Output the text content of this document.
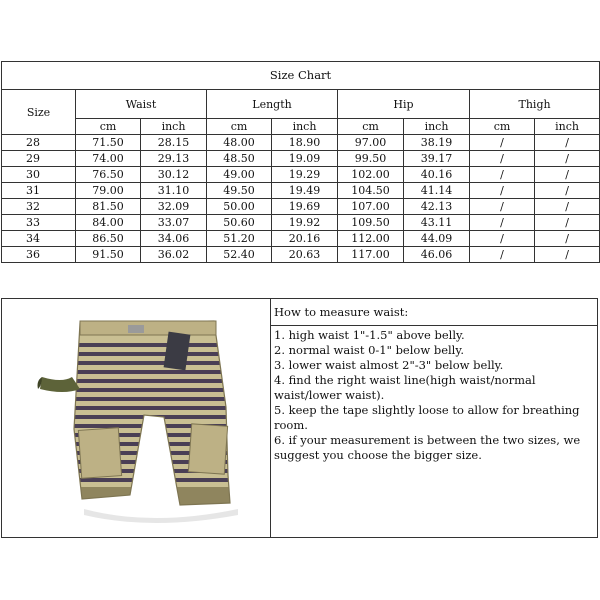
Size Chart								
Size	Waist		Length		Hip		Thigh	
	cm	inch	cm	inch	cm	inch	cm	inch
28	71.50	28.15	48.00	18.90	97.00	38.19	/	/
29	74.00	29.13	48.50	19.09	99.50	39.17	/	/
30	76.50	30.12	49.00	19.29	102.00	40.16	/	/
31	79.00	31.10	49.50	19.49	104.50	41.14	/	/
32	81.50	32.09	50.00	19.69	107.00	42.13	/	/
33	84.00	33.07	50.60	19.92	109.50	43.11	/	/
34	86.50	34.06	51.20	20.16	112.00	44.09	/	/
36	91.50	36.02	52.40	20.63	117.00	46.06	/	/
How to measure waist:
1. high waist 1"-1.5" above belly.
2. normal waist 0-1" below belly.
3. lower waist almost 2"-3" below belly.
4. find the right waist line(high waist/normal waist/lower waist).
5. keep the tape slightly loose to allow for breathing room.
6. if your measurement is between the two sizes, we suggest you choose the bigger size.
